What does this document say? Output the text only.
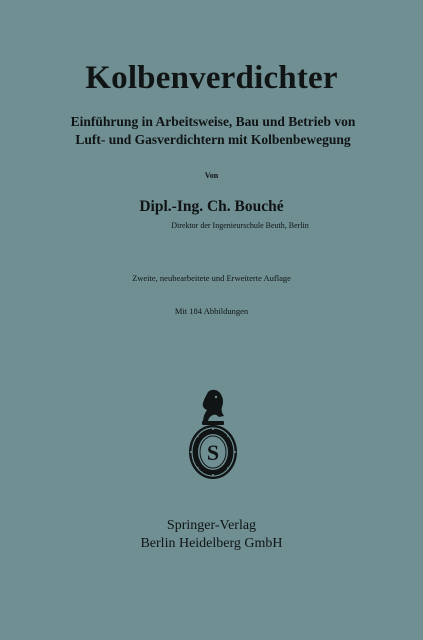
Kolbenverdichter
Einführung in Arbeitsweise, Bau und Betrieb von
Luft- und Gasverdichtern mit Kolbenbewegung
Von
Dipl.-Ing. Ch. Bouché
Direktor der Ingenieurschule Beuth, Berlin
Zweite, neubearbeitete und Erweiterte Auflage
Mit 184 Abbildungen
S
Springer-Verlag
Berlin Heidelberg GmbH
